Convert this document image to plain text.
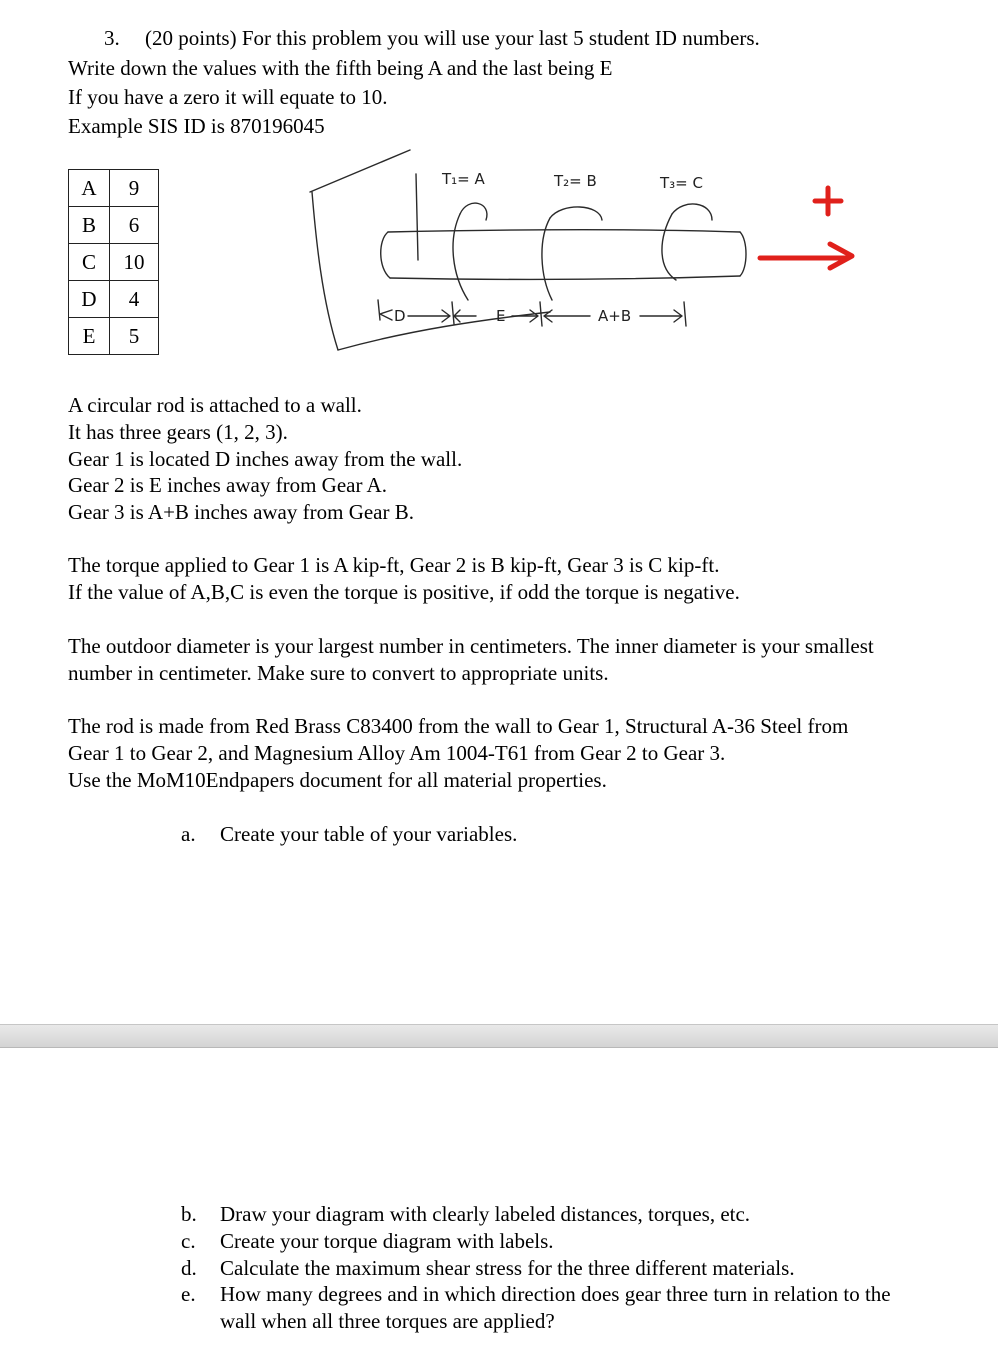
3. (20 points) For this problem you will use your last 5 student ID numbers.
Write down the values with the fifth being A and the last being E
If you have a zero it will equate to 10.
Example SIS ID is 870196045
A	9
B	6
C	10
D	4
E	5
T₁= A	T₂= B	T₃= C
D	E	A+B
A circular rod is attached to a wall.
It has three gears (1, 2, 3).
Gear 1 is located D inches away from the wall.
Gear 2 is E inches away from Gear A.
Gear 3 is A+B inches away from Gear B.
The torque applied to Gear 1 is A kip-ft, Gear 2 is B kip-ft, Gear 3 is C kip-ft.
If the value of A,B,C is even the torque is positive, if odd the torque is negative.
The outdoor diameter is your largest number in centimeters. The inner diameter is your smallest
number in centimeter. Make sure to convert to appropriate units.
The rod is made from Red Brass C83400 from the wall to Gear 1, Structural A-36 Steel from
Gear 1 to Gear 2, and Magnesium Alloy Am 1004-T61 from Gear 2 to Gear 3.
Use the MoM10Endpapers document for all material properties.
a. Create your table of your variables.
b. Draw your diagram with clearly labeled distances, torques, etc.
c. Create your torque diagram with labels.
d. Calculate the maximum shear stress for the three different materials.
e. How many degrees and in which direction does gear three turn in relation to the
wall when all three torques are applied?
